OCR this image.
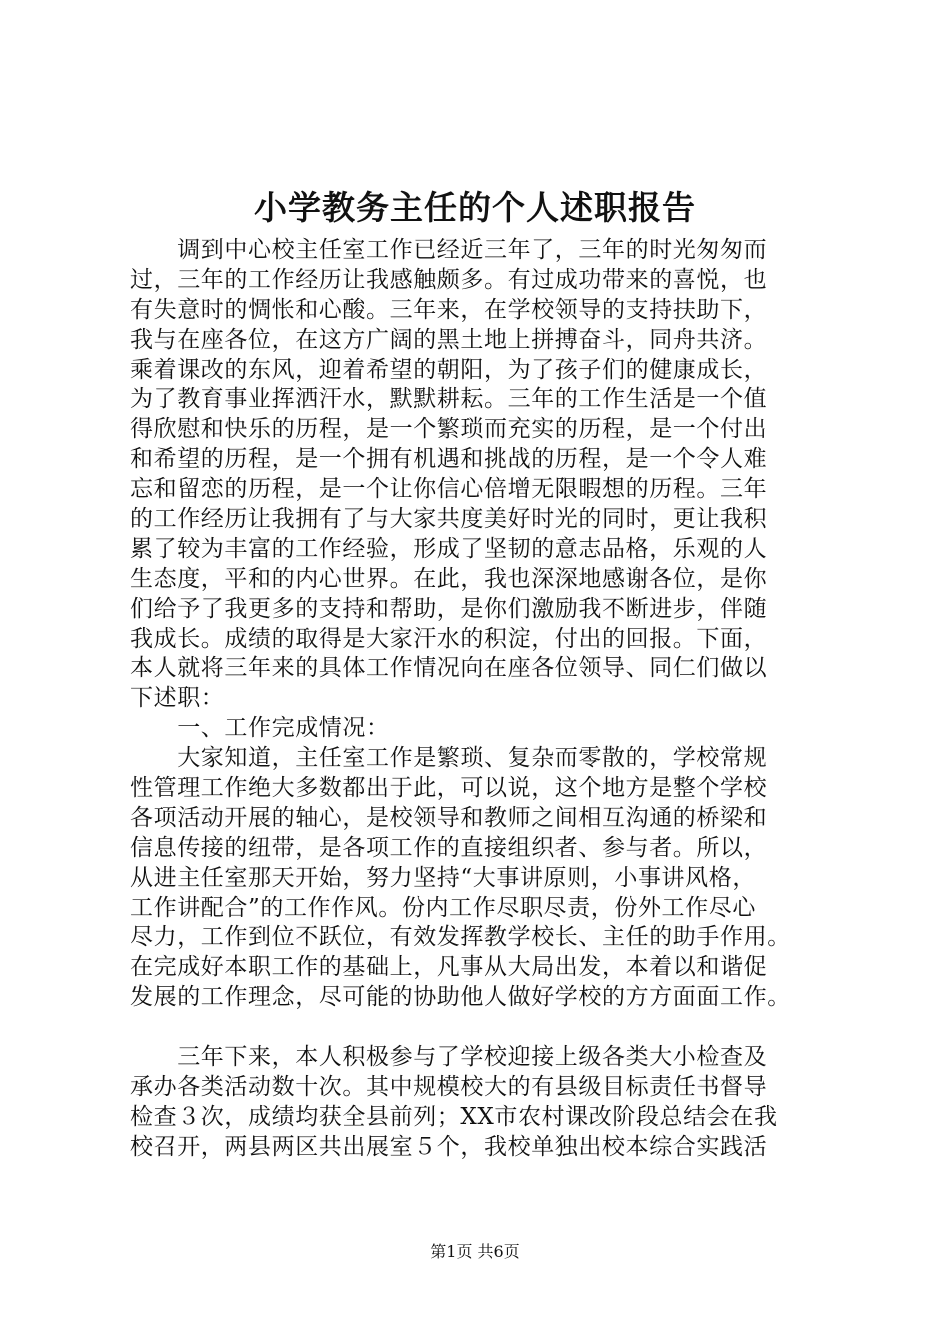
小学教务主任的个人述职报告
　　调到中心校主任室工作已经近三年了，三年的时光匆匆而
过，三年的工作经历让我感触颇多。有过成功带来的喜悦，也
有失意时的惆怅和心酸。三年来，在学校领导的支持扶助下，
我与在座各位，在这方广阔的黑土地上拼搏奋斗，同舟共济。
乘着课改的东风，迎着希望的朝阳，为了孩子们的健康成长，
为了教育事业挥洒汗水，默默耕耘。三年的工作生活是一个值
得欣慰和快乐的历程，是一个繁琐而充实的历程，是一个付出
和希望的历程，是一个拥有机遇和挑战的历程，是一个令人难
忘和留恋的历程，是一个让你信心倍增无限暇想的历程。三年
的工作经历让我拥有了与大家共度美好时光的同时，更让我积
累了较为丰富的工作经验，形成了坚韧的意志品格，乐观的人
生态度，平和的内心世界。在此，我也深深地感谢各位，是你
们给予了我更多的支持和帮助，是你们激励我不断进步，伴随
我成长。成绩的取得是大家汗水的积淀，付出的回报。下面，
本人就将三年来的具体工作情况向在座各位领导、同仁们做以
下述职：
　　一、工作完成情况：
　　大家知道，主任室工作是繁琐、复杂而零散的，学校常规
性管理工作绝大多数都出于此，可以说，这个地方是整个学校
各项活动开展的轴心，是校领导和教师之间相互沟通的桥梁和
信息传接的纽带，是各项工作的直接组织者、参与者。所以，
从进主任室那天开始，努力坚持“大事讲原则，小事讲风格，
工作讲配合”的工作作风。份内工作尽职尽责，份外工作尽心
尽力，工作到位不跃位，有效发挥教学校长、主任的助手作用。
在完成好本职工作的基础上，凡事从大局出发，本着以和谐促
发展的工作理念，尽可能的协助他人做好学校的方方面面工作。
　　三年下来，本人积极参与了学校迎接上级各类大小检查及
承办各类活动数十次。其中规模校大的有县级目标责任书督导
检查３次，成绩均获全县前列；XX市农村课改阶段总结会在我
校召开，两县两区共出展室５个，我校单独出校本综合实践活
第1页 共6页
